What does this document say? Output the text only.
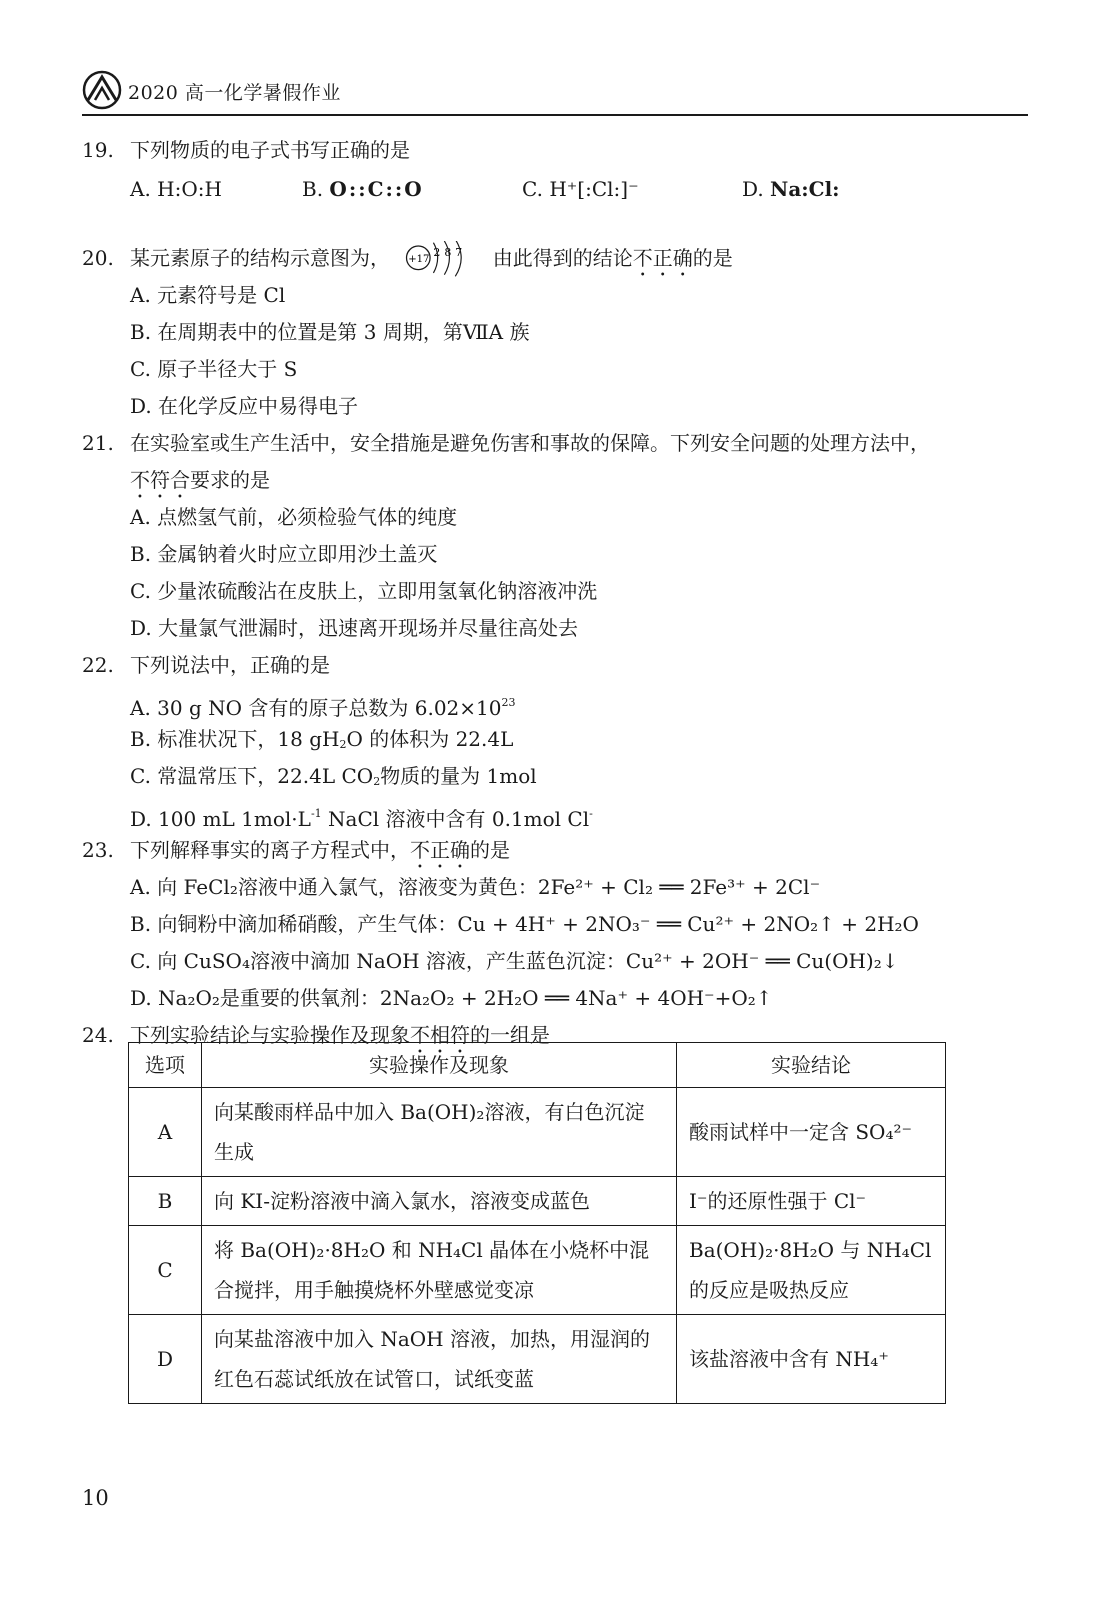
2020 高一化学暑假作业
19. 下列物质的电子式书写正确的是
A. H:O:H	B. O::C::O	C. H⁺[:Cl:]⁻	D. Na:Cl:
20. 某元素原子的结构示意图为， +17
2 8 7 由此得到的结论不正确的是
A. 元素符号是 Cl
B. 在周期表中的位置是第 3 周期，第ⅦA 族
C. 原子半径大于 S
D. 在化学反应中易得电子
21. 在实验室或生产生活中，安全措施是避免伤害和事故的保障。下列安全问题的处理方法中，
不符合要求的是
A. 点燃氢气前，必须检验气体的纯度
B. 金属钠着火时应立即用沙土盖灭
C. 少量浓硫酸沾在皮肤上，立即用氢氧化钠溶液冲洗
D. 大量氯气泄漏时，迅速离开现场并尽量往高处去
22. 下列说法中，正确的是
A. 30 g NO 含有的原子总数为 $6.02\times 10^{23}$
B. 标准状况下，18 gH2O 的体积为 22.4L
C. 常温常压下，22.4L CO2物质的量为 1mol
D. 100 mL $1mol\cdot L^{-1}$ NaCl 溶液中含有 0.1mol Cl-
23. 下列解释事实的离子方程式中，不正确的是
A. 向 FeCl₂溶液中通入氯气，溶液变为黄色：2Fe²⁺ + Cl₂ ══ 2Fe³⁺ + 2Cl⁻
B. 向铜粉中滴加稀硝酸，产生气体：Cu + 4H⁺ + 2NO₃⁻ ══ Cu²⁺ + 2NO₂↑ + 2H₂O
C. 向 CuSO₄溶液中滴加 NaOH 溶液，产生蓝色沉淀：Cu²⁺ + 2OH⁻ ══ Cu(OH)₂↓
D. Na₂O₂是重要的供氧剂：2Na₂O₂ + 2H₂O ══ 4Na⁺ + 4OH⁻+O₂↑
24. 下列实验结论与实验操作及现象不相符的一组是
选项	实验操作及现象	实验结论
A	向某酸雨样品中加入 Ba(OH)₂溶液，有白色沉淀生成	酸雨试样中一定含 SO₄²⁻
B	向 KI-淀粉溶液中滴入氯水，溶液变成蓝色	I⁻的还原性强于 Cl⁻
C	将 Ba(OH)₂·8H₂O 和 NH₄Cl 晶体在小烧杯中混合搅拌，用手触摸烧杯外壁感觉变凉	Ba(OH)₂·8H₂O 与 NH₄Cl 的反应是吸热反应
D	向某盐溶液中加入 NaOH 溶液，加热，用湿润的红色石蕊试纸放在试管口，试纸变蓝	该盐溶液中含有 NH₄⁺
10
